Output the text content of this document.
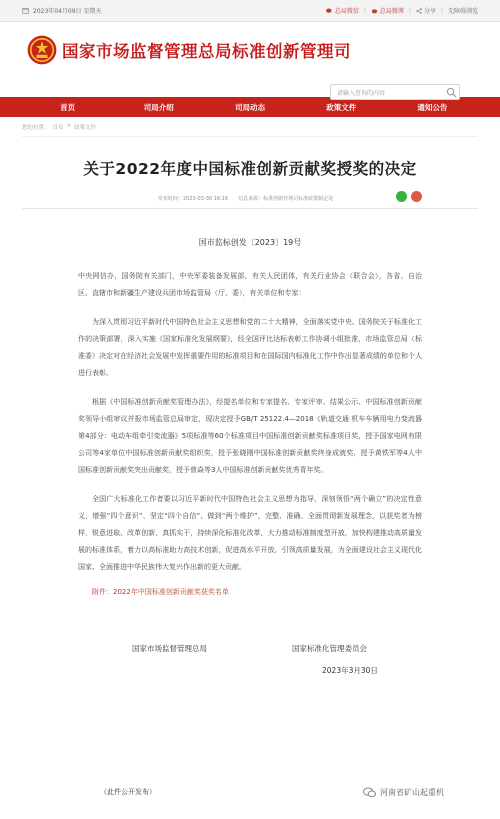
2023年04月09日 星期天	总局微信 | 总局微博 | 分享 | 无障碍浏览
国家市场监督管理总局标准创新管理司
请输入查询的内容
首页	司局介绍	司局动态	政策文件	通知公告
您的位置： 首页 > 政策文件
关于2022年度中国标准创新贡献奖授奖的决定
发布时间：2023-03-30 16:16 信息来源：标准创新管理司标准政策制定处
国市监标创发〔2023〕19号

中央网信办，国务院有关部门，中央军委装备发展部，有关人民团体，有关行业协会（联合会），各省、自治区、直辖市和新疆生产建设兵团市场监管局（厅、委），有关单位和专家：

为深入贯彻习近平新时代中国特色社会主义思想和党的二十大精神，全面落实党中央、国务院关于标准化工作的决策部署，深入实施《国家标准化发展纲要》，经全国评比达标表彰工作协调小组批准，市场监管总局（标准委）决定对在经济社会发展中发挥重要作用的标准项目和在国际国内标准化工作中作出显著成绩的单位和个人进行表彰。

根据《中国标准创新贡献奖管理办法》，经提名单位和专家提名、专家评审、结果公示、中国标准创新贡献奖领导小组审议并报市场监管总局审定，现决定授予GB/T 25122.4—2018《轨道交通 机车车辆用电力变流器 第4部分：电动车组牵引变流器》5项标准等60个标准项目中国标准创新贡献奖标准项目奖，授予国家电网有限公司等4家单位中国标准创新贡献奖组织奖，授予张晓刚中国标准创新贡献奖终身成就奖，授予黄铁军等4人中国标准创新贡献奖突出贡献奖，授予曾焱等3人中国标准创新贡献奖优秀青年奖。

全国广大标准化工作者要以习近平新时代中国特色社会主义思想为指导，深刻领悟“两个确立”的决定性意义，增强“四个意识”、坚定“四个自信”、做到“两个维护”，完整、准确、全面贯彻新发展理念，以获奖者为榜样，锐意进取、改革创新、真抓实干，持续深化标准化改革，大力推动标准制度型开放，加快构建推动高质量发展的标准体系，着力以高标准助力高技术创新，促进高水平开放，引领高质量发展，为全面建设社会主义现代化国家、全面推进中华民族伟大复兴作出新的更大贡献。

附件：2022年中国标准创新贡献奖获奖名单
国家市场监督管理总局	国家标准化管理委员会
2023年3月30日
（此件公开发布）	河南省矿山起重机
